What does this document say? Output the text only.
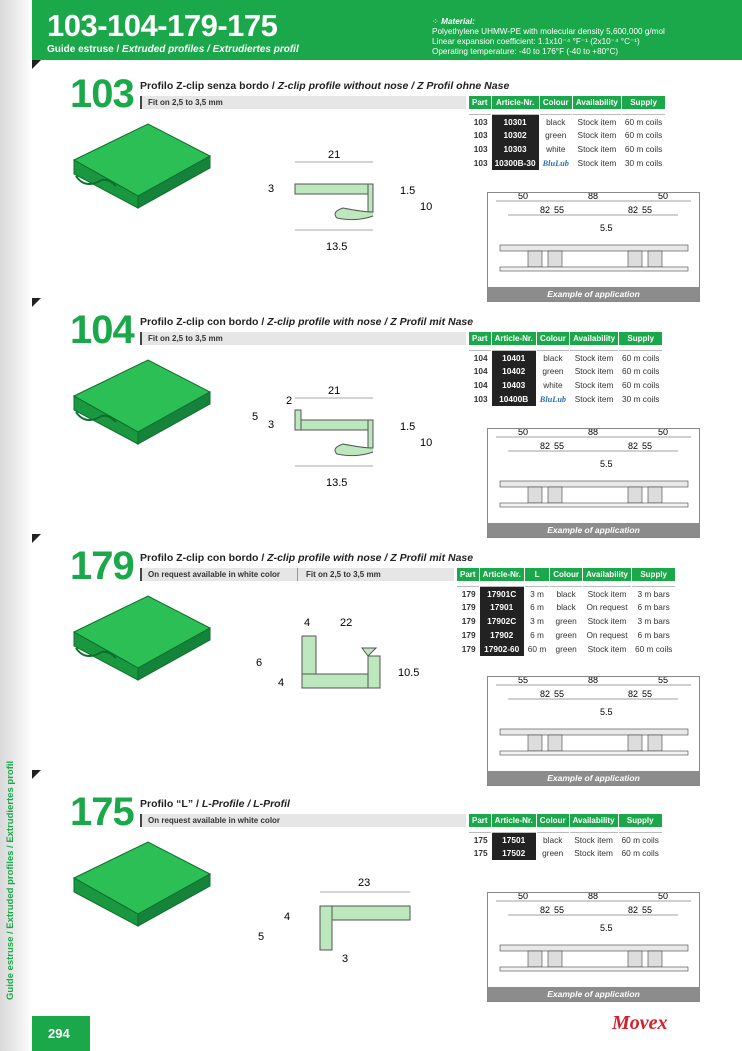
103-104-179-175
Guide estruse / Extruded profiles / Extrudiertes profil
⁘ Material:
Polyethylene UHMW-PE with molecular density 5,600,000 g/mol
Linear expansion coefficient: 1.1x10⁻⁴ °F⁻¹ (2x10⁻⁴ °C⁻¹)
Operating temperature: -40 to 176°F (-40 to +80°C)
103 Profilo Z-clip senza bordo / Z-clip profile without nose / Z Profil ohne Nase
Fit on 2,5 to 3,5 mm	Part	Article-Nr.	Colour	Availability	Supply

103	10301	black	Stock item	60 m coils
103	10302	green	Stock item	60 m coils
103	10303	white	Stock item	60 m coils
103	10300B-30	BluLub	Stock item	30 m coils
21
13.5
3	1.5
10
50	88	50
82 55	82 55
5.5
Example of application
104 Profilo Z-clip con bordo / Z-clip profile with nose / Z Profil mit Nase
Fit on 2,5 to 3,5 mm	Part	Article-Nr.	Colour	Availability	Supply

104	10401	black	Stock item	60 m coils
104	10402	green	Stock item	60 m coils
104	10403	white	Stock item	60 m coils
103	10400B	BluLub	Stock item	30 m coils
21
13.5
3	1.5
10
2
5
50	88	50
82 55	82 55
5.5
Example of application
179 Profilo Z-clip con bordo / Z-clip profile with nose / Z Profil mit Nase
On request available in white color	Fit on 2,5 to 3,5 mm	Part	Article-Nr.	L	Colour	Availability	Supply

179	17901C	3 m	black	Stock item	3 m bars
179	17901	6 m	black	On request	6 m bars
179	17902C	3 m	green	Stock item	3 m bars
179	17902	6 m	green	On request	6 m bars
179	17902-60	60 m	green	Stock item	60 m coils
4	22
6
4
10.5
55	88	55
82 55	82 55
5.5
Example of application
175 Profilo “L” / L-Profile / L-Profil
On request available in white color	Part	Article-Nr.	Colour	Availability	Supply

175	17501	black	Stock item	60 m coils
175	17502	green	Stock item	60 m coils
23
4
5
3
50	88	50
82 55	82 55
5.5
Example of application
Guide estruse / Extruded profiles / Extrudiertes profil
294	Movex
